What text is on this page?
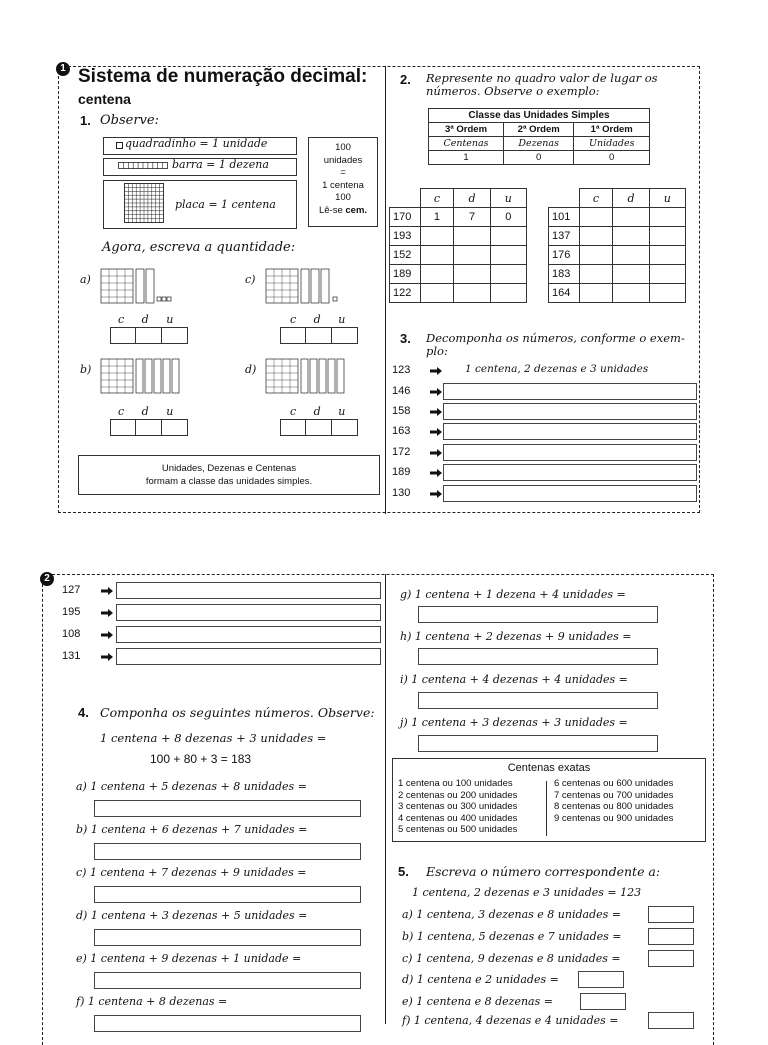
1 Sistema de numeração decimal:
centena
1. Observe:
quadradinho = 1 unidade
barra = 1 dezena
placa = 1 centena
100
unidades
=
1 centena
100
Lê-se cem.
Agora, escreva a quantidade:
a)	c)
c d u	c d u
b)	d)
c d u	c d u
Unidades, Dezenas e Centenas
formam a classe das unidades simples.
2. Represente no quadro valor de lugar os
números. Observe o exemplo:
Classe das Unidades Simples		
3ª Ordem	2ª Ordem	1ª Ordem
Centenas	Dezenas	Unidades
1	0	0
	c	d	u
170	1	7	0
193			
152			
189			
122			
	c	d	u
101			
137			
176			
183			
164			
3. Decomponha os números, conforme o exem-
plo:
123	1 centena, 2 dezenas e 3 unidades
146
158
163
172
189
130
2
127
195
108
131
4. Componha os seguintes números. Observe:
1 centena + 8 dezenas + 3 unidades =
100 + 80 + 3 = 183
a) 1 centena + 5 dezenas + 8 unidades =
b) 1 centena + 6 dezenas + 7 unidades =
c) 1 centena + 7 dezenas + 9 unidades =
d) 1 centena + 3 dezenas + 5 unidades =
e) 1 centena + 9 dezenas + 1 unidade =
f) 1 centena + 8 dezenas =
g) 1 centena + 1 dezena + 4 unidades =
h) 1 centena + 2 dezenas + 9 unidades =
i) 1 centena + 4 dezenas + 4 unidades =
j) 1 centena + 3 dezenas + 3 unidades =
Centenas exatas
1 centena ou 100 unidades
2 centenas ou 200 unidades
3 centenas ou 300 unidades
4 centenas ou 400 unidades
5 centenas ou 500 unidades
6 centenas ou 600 unidades
7 centenas ou 700 unidades
8 centenas ou 800 unidades
9 centenas ou 900 unidades
5. Escreva o número correspondente a:
1 centena, 2 dezenas e 3 unidades = 123
a) 1 centena, 3 dezenas e 8 unidades =
b) 1 centena, 5 dezenas e 7 unidades =
c) 1 centena, 9 dezenas e 8 unidades =
d) 1 centena e 2 unidades =
e) 1 centena e 8 dezenas =
f) 1 centena, 4 dezenas e 4 unidades =
